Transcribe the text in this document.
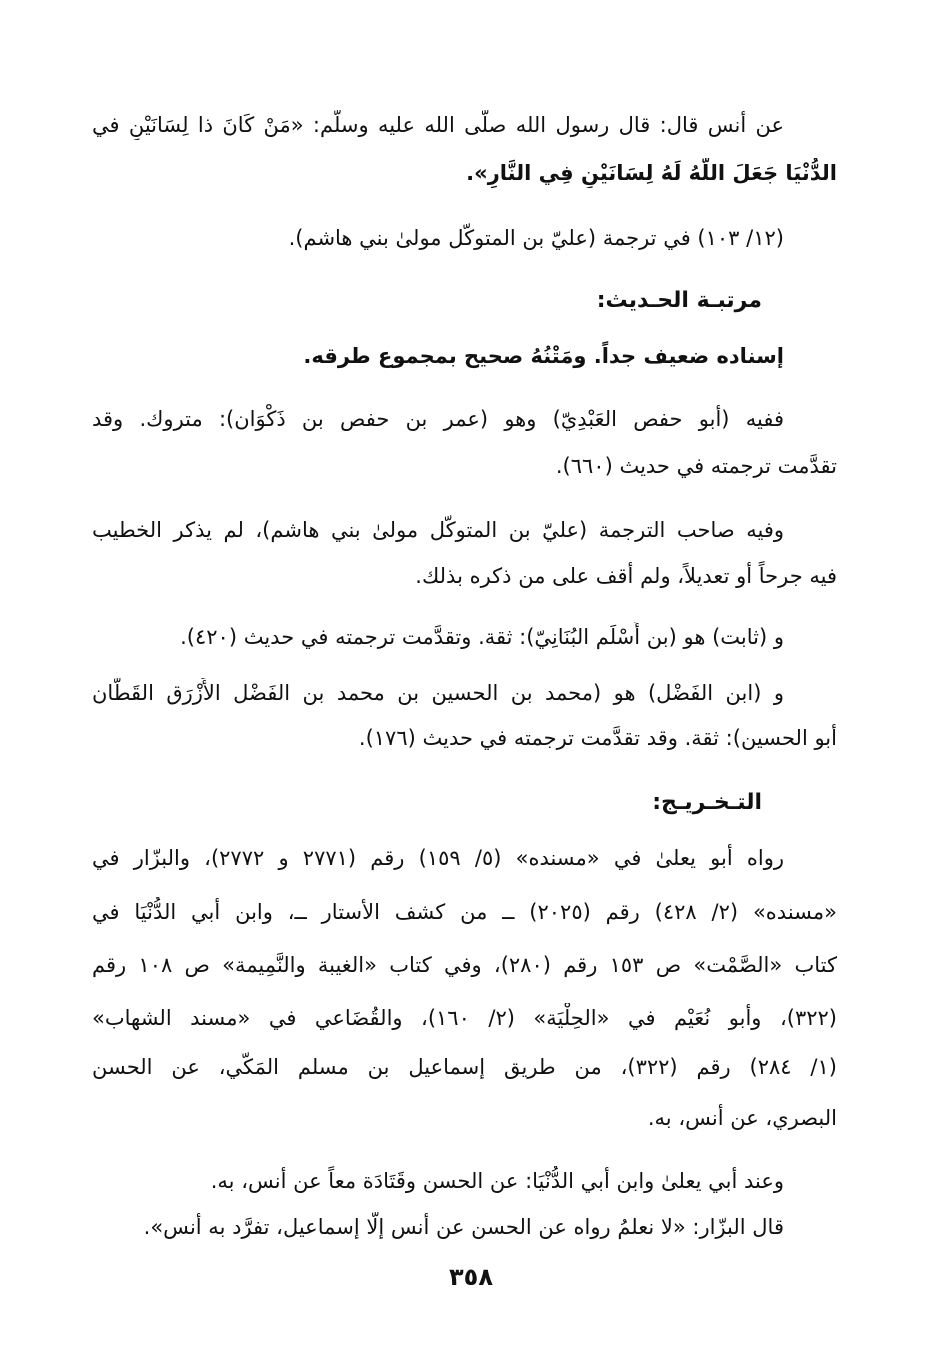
عن أنس قال: قال رسول الله صلّى الله عليه وسلّم: «مَنْ كَانَ ذا لِسَانَيْنِ في
الدُّنْيَا جَعَلَ اللَّهُ لَهُ لِسَانَيْنِ فِي النَّارِ».
(١٢/ ١٠٣) في ترجمة (عليّ بن المتوكّل مولىٰ بني هاشم).
مرتبـة الحـديث:
إسناده ضعيف جداً. ومَتْنُهُ صحيح بمجموع طرقه.
ففيه (أبو حفص العَبْدِيّ) وهو (عمر بن حفص بن ذَكْوَان): متروك. وقد
تقدَّمت ترجمته في حديث (٦٦٠).
وفيه صاحب الترجمة (عليّ بن المتوكّل مولىٰ بني هاشم)، لم يذكر الخطيب
فيه جرحاً أو تعديلاً، ولم أقف على من ذكره بذلك.
و (ثابت) هو (بن أَسْلَم البُنَانِيّ): ثقة. وتقدَّمت ترجمته في حديث (٤٢٠).
و (ابن الفَضْل) هو (محمد بن الحسين بن محمد بن الفَضْل الأَزْرَق القَطَّان
أبو الحسين): ثقة. وقد تقدَّمت ترجمته في حديث (١٧٦).
التـخـريـج:
رواه أبو يعلىٰ في «مسنده» (٥/ ١٥٩) رقم (٢٧٧١ و ٢٧٧٢)، والبزّار في
«مسنده» (٢/ ٤٢٨) رقم (٢٠٢٥) ــ من كشف الأستار ــ، وابن أبي الدُّنْيَا في
كتاب «الصَّمْت» ص ١٥٣ رقم (٢٨٠)، وفي كتاب «الغيبة والنَّمِيمة» ص ١٠٨ رقم
(٣٢٢)، وأبو نُعَيْم في «الحِلْيَة» (٢/ ١٦٠)، والقُضَاعي في «مسند الشهاب»
(١/ ٢٨٤) رقم (٣٢٢)، من طريق إسماعيل بن مسلم المَكّي، عن الحسن
البصري، عن أنس، به.
وعند أبي يعلىٰ وابن أبي الدُّنْيَا: عن الحسن وقَتَادَة معاً عن أنس، به.
قال البزّار: «لا نعلمُ رواه عن الحسن عن أنس إلّا إسماعيل، تفرَّد به أنس».
٣٥٨
